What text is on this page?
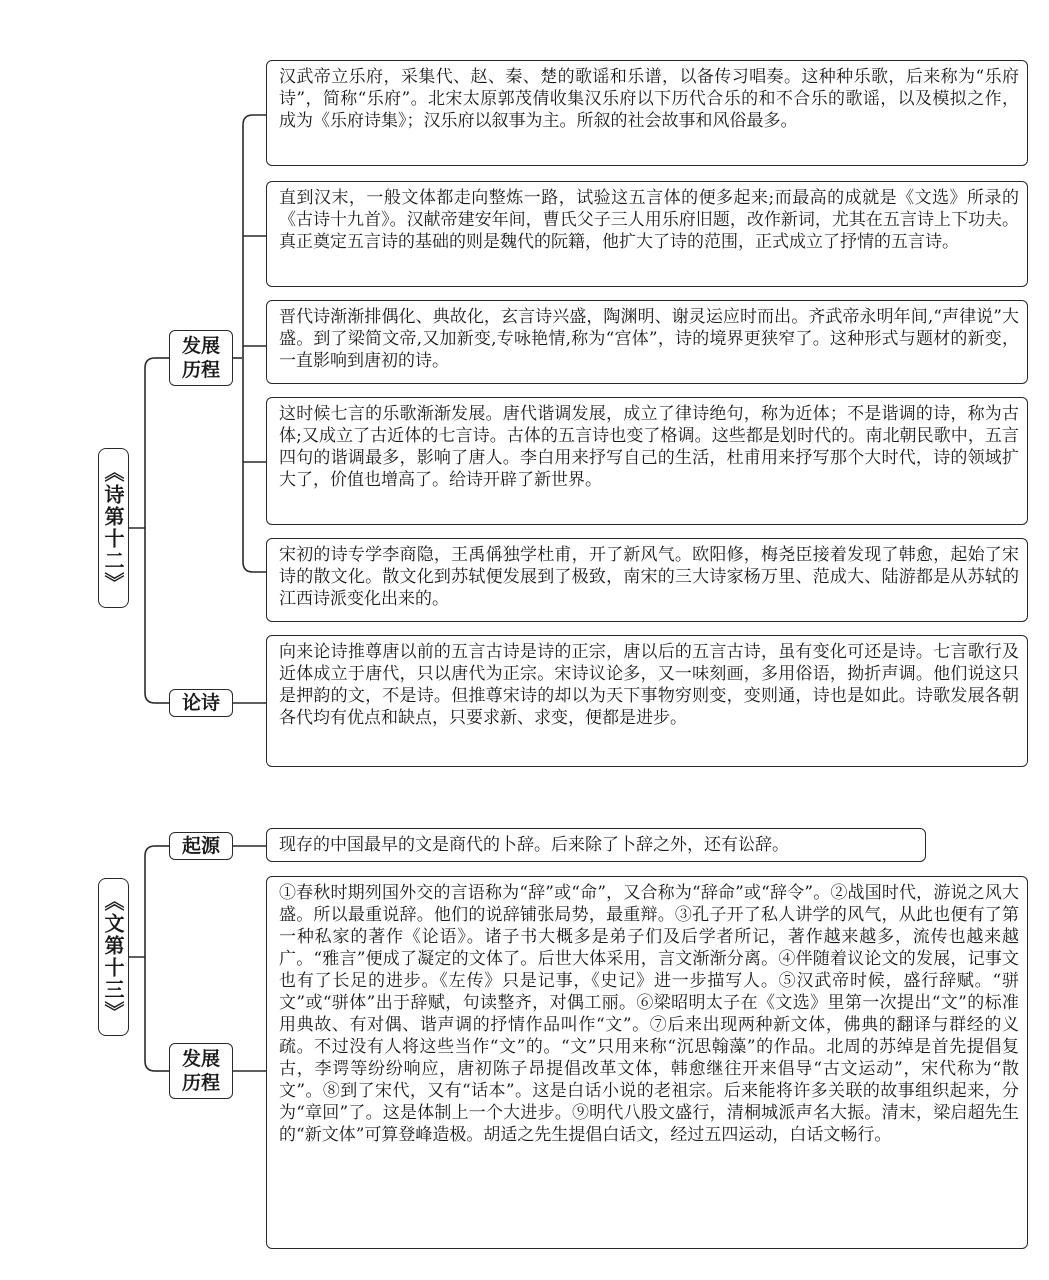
《诗第十二》
发展历程
论诗
汉武帝立乐府，采集代、赵、秦、楚的歌谣和乐谱，以备传习唱奏。这种种乐歌，后来称为“乐府诗”，简称“乐府”。北宋太原郭茂倩收集汉乐府以下历代合乐的和不合乐的歌谣，以及模拟之作，成为《乐府诗集》；汉乐府以叙事为主。所叙的社会故事和风俗最多。
直到汉末，一般文体都走向整炼一路，试验这五言体的便多起来;而最高的成就是《文选》所录的《古诗十九首》。汉献帝建安年间，曹氏父子三人用乐府旧题，改作新词，尤其在五言诗上下功夫。真正奠定五言诗的基础的则是魏代的阮籍，他扩大了诗的范围，正式成立了抒情的五言诗。
晋代诗渐渐排偶化、典故化，玄言诗兴盛，陶渊明、谢灵运应时而出。齐武帝永明年间,“声律说”大盛。到了梁简文帝,又加新变,专咏艳情,称为“宫体”，诗的境界更狭窄了。这种形式与题材的新变，一直影响到唐初的诗。
这时候七言的乐歌渐渐发展。唐代谐调发展，成立了律诗绝句，称为近体；不是谐调的诗，称为古体;又成立了古近体的七言诗。古体的五言诗也变了格调。这些都是划时代的。南北朝民歌中，五言四句的谐调最多，影响了唐人。李白用来抒写自己的生活，杜甫用来抒写那个大时代，诗的领域扩大了，价值也增高了。给诗开辟了新世界。
宋初的诗专学李商隐，王禹偁独学杜甫，开了新风气。欧阳修，梅尧臣接着发现了韩愈，起始了宋诗的散文化。散文化到苏轼便发展到了极致，南宋的三大诗家杨万里、范成大、陆游都是从苏轼的江西诗派变化出来的。
向来论诗推尊唐以前的五言古诗是诗的正宗，唐以后的五言古诗，虽有变化可还是诗。七言歌行及近体成立于唐代，只以唐代为正宗。宋诗议论多，又一味刻画，多用俗语，拗折声调。他们说这只是押韵的文，不是诗。但推尊宋诗的却以为天下事物穷则变，变则通，诗也是如此。诗歌发展各朝各代均有优点和缺点，只要求新、求变，便都是进步。
《文第十三》
起源
发展历程
现存的中国最早的文是商代的卜辞。后来除了卜辞之外，还有讼辞。
①春秋时期列国外交的言语称为“辞”或“命”，又合称为“辞命”或“辞令”。②战国时代，游说之风大盛。所以最重说辞。他们的说辞铺张局势，最重辩。③孔子开了私人讲学的风气，从此也便有了第一种私家的著作《论语》。诸子书大概多是弟子们及后学者所记，著作越来越多，流传也越来越广。“雅言”便成了凝定的文体了。后世大体采用，言文渐渐分离。④伴随着议论文的发展，记事文也有了长足的进步。《左传》只是记事，《史记》进一步描写人。⑤汉武帝时候，盛行辞赋。“骈文”或“骈体”出于辞赋，句读整齐，对偶工丽。⑥梁昭明太子在《文选》里第一次提出“文”的标准用典故、有对偶、谐声调的抒情作品叫作“文”。⑦后来出现两种新文体，佛典的翻译与群经的义疏。不过没有人将这些当作“文”的。“文”只用来称“沉思翰藻”的作品。北周的苏绰是首先提倡复古，李谔等纷纷响应，唐初陈子昂提倡改革文体，韩愈继往开来倡导“古文运动”，宋代称为“散文”。⑧到了宋代，又有“话本”。这是白话小说的老祖宗。后来能将许多关联的故事组织起来，分为“章回”了。这是体制上一个大进步。⑨明代八股文盛行，清桐城派声名大振。清末，梁启超先生的“新文体”可算登峰造极。胡适之先生提倡白话文，经过五四运动，白话文畅行。
